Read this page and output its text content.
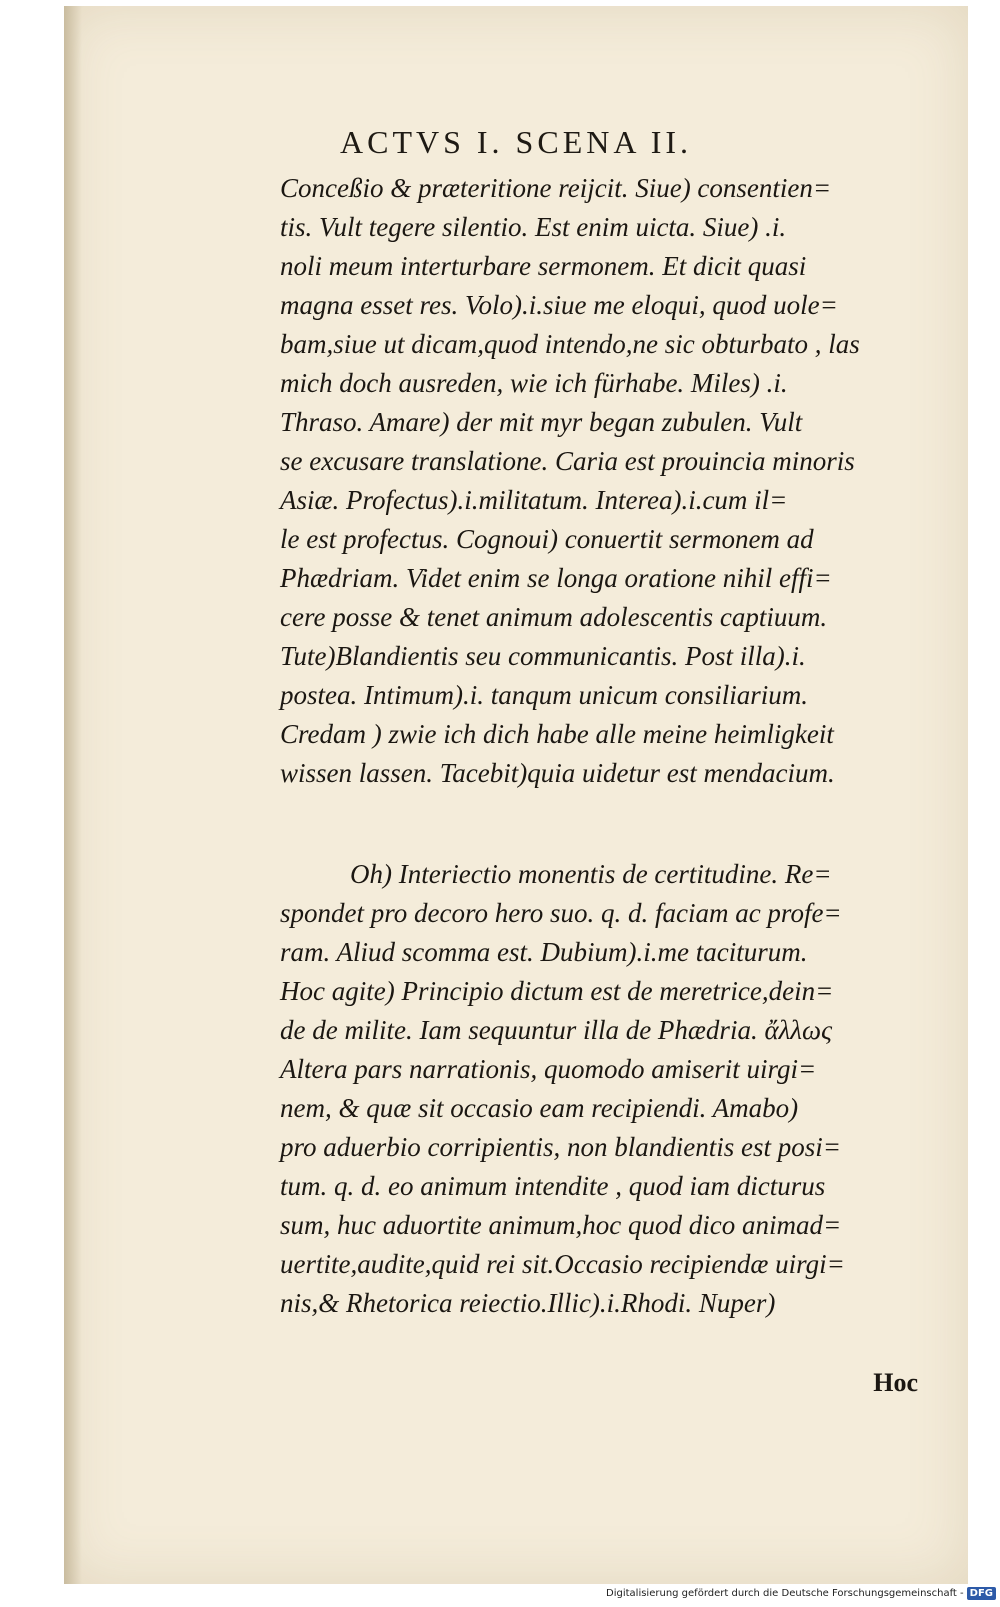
ACTVS I. SCENA II.
Conceßio & præteritione reijcit. Siue) consentien=
tis. Vult tegere silentio. Est enim uicta. Siue) .i.
noli meum interturbare sermonem. Et dicit quasi
magna esset res. Volo).i.siue me eloqui, quod uole=
bam,siue ut dicam,quod intendo,ne sic obturbato , las
mich doch ausreden, wie ich fürhabe. Miles) .i.
Thraso. Amare) der mit myr began zubulen. Vult
se excusare translatione. Caria est prouincia minoris
Asiæ. Profectus).i.militatum. Interea).i.cum il=
le est profectus. Cognoui) conuertit sermonem ad
Phædriam. Videt enim se longa oratione nihil effi=
cere posse & tenet animum adolescentis captiuum.
Tute)Blandientis seu communicantis. Post illa).i.
postea. Intimum).i. tanqum unicum consiliarium.
Credam ) zwie ich dich habe alle meine heimligkeit
wissen lassen. Tacebit)quia uidetur est mendacium.
Oh) Interiectio monentis de certitudine. Re=
spondet pro decoro hero suo. q. d. faciam ac profe=
ram. Aliud scomma est. Dubium).i.me taciturum.
Hoc agite) Principio dictum est de meretrice,dein=
de de milite. Iam sequuntur illa de Phædria. ἄλλως
Altera pars narrationis, quomodo amiserit uirgi=
nem, & quæ sit occasio eam recipiendi. Amabo)
pro aduerbio corripientis, non blandientis est posi=
tum. q. d. eo animum intendite , quod iam dicturus
sum, huc aduortite animum,hoc quod dico animad=
uertite,audite,quid rei sit.Occasio recipiendæ uirgi=
nis,& Rhetorica reiectio.Illic).i.Rhodi. Nuper)
Hoc
Digitalisierung gefördert durch die Deutsche Forschungsgemeinschaft - DFG
